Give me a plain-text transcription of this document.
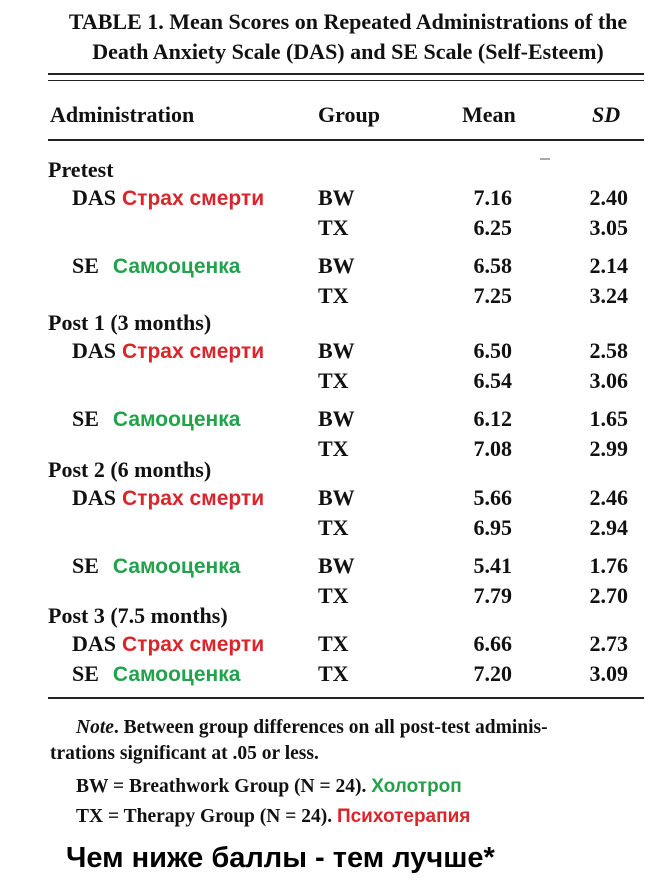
TABLE 1. Mean Scores on Repeated Administrations of the
Death Anxiety Scale (DAS) and SE Scale (Self-Esteem)
Administration	Group	Mean	SD
Pretest
DAS Страх смерти BW	7.16	2.40
TX	6.25	3.05
SE Самооценка	BW	6.58	2.14
TX	7.25	3.24
Post 1 (3 months)
DAS Страх смерти BW	6.50	2.58
TX	6.54	3.06
SE Самооценка	BW	6.12	1.65
TX	7.08	2.99
Post 2 (6 months)
DAS Страх смерти BW	5.66	2.46
TX	6.95	2.94
SE Самооценка	BW	5.41	1.76
TX	7.79	2.70
Post 3 (7.5 months)
DAS Страх смерти TX	6.66	2.73
SE Самооценка	TX	7.20	3.09
Note. Between group differences on all post-test adminis-
trations significant at .05 or less.
BW = Breathwork Group (N = 24). Холотроп
TX = Therapy Group (N = 24). Психотерапия
Чем ниже баллы - тем лучше*
